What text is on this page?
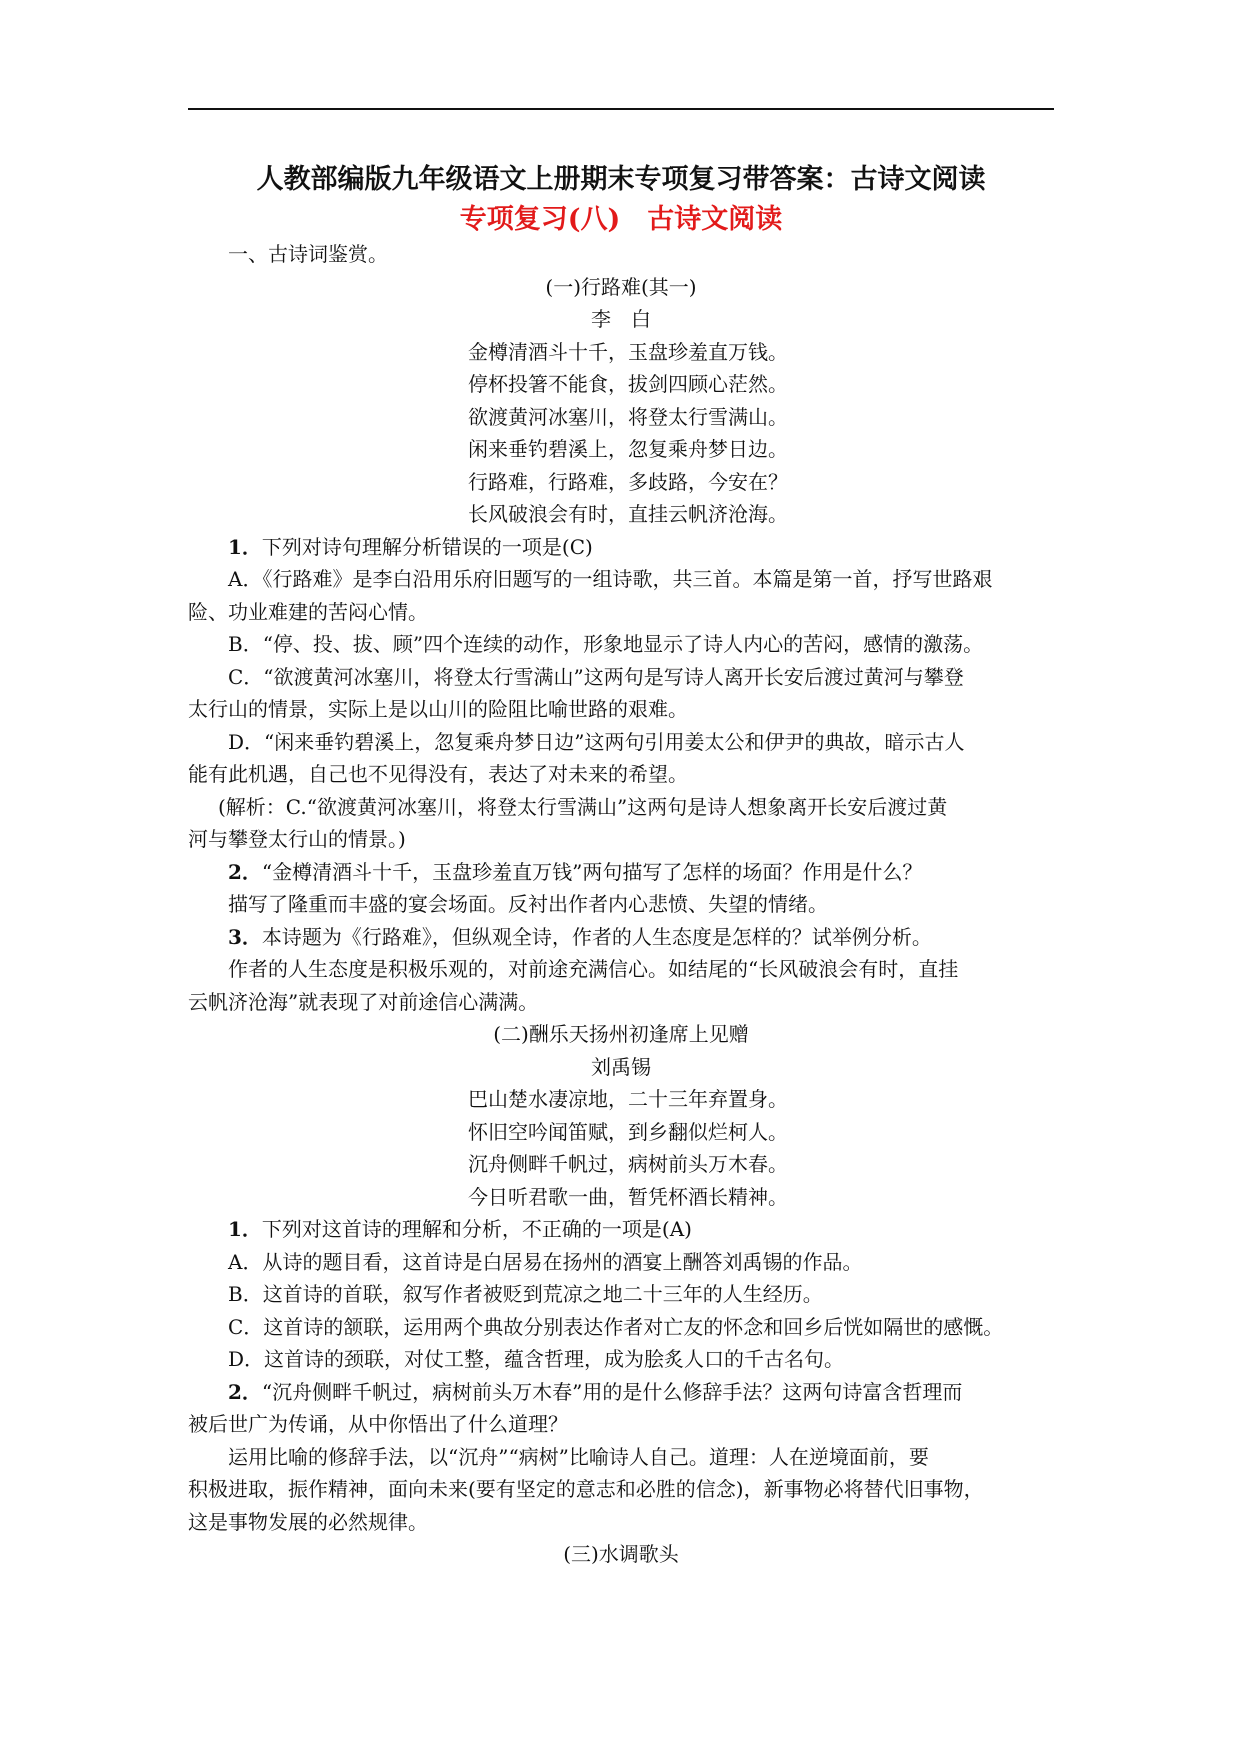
人教部编版九年级语文上册期末专项复习带答案：古诗文阅读
专项复习(八)　古诗文阅读

一、古诗词鉴赏。

(一)行路难(其一)

李　白

金樽清酒斗十千，玉盘珍羞直万钱。

停杯投箸不能食，拔剑四顾心茫然。

欲渡黄河冰塞川，将登太行雪满山。

闲来垂钓碧溪上，忽复乘舟梦日边。

行路难，行路难，多歧路，今安在？

长风破浪会有时，直挂云帆济沧海。

1．下列对诗句理解分析错误的一项是(C)

A．《行路难》是李白沿用乐府旧题写的一组诗歌，共三首。本篇是第一首，抒写世路艰

险、功业难建的苦闷心情。

B．“停、投、拔、顾”四个连续的动作，形象地显示了诗人内心的苦闷，感情的激荡。

C．“欲渡黄河冰塞川，将登太行雪满山”这两句是写诗人离开长安后渡过黄河与攀登

太行山的情景，实际上是以山川的险阻比喻世路的艰难。

D．“闲来垂钓碧溪上，忽复乘舟梦日边”这两句引用姜太公和伊尹的典故，暗示古人

能有此机遇，自己也不见得没有，表达了对未来的希望。

(解析：C.“欲渡黄河冰塞川，将登太行雪满山”这两句是诗人想象离开长安后渡过黄

河与攀登太行山的情景。)

2．“金樽清酒斗十千，玉盘珍羞直万钱”两句描写了怎样的场面？作用是什么？

描写了隆重而丰盛的宴会场面。反衬出作者内心悲愤、失望的情绪。

3．本诗题为《行路难》，但纵观全诗，作者的人生态度是怎样的？试举例分析。

作者的人生态度是积极乐观的，对前途充满信心。如结尾的“长风破浪会有时，直挂

云帆济沧海”就表现了对前途信心满满。

(二)酬乐天扬州初逢席上见赠

刘禹锡

巴山楚水凄凉地，二十三年弃置身。

怀旧空吟闻笛赋，到乡翻似烂柯人。

沉舟侧畔千帆过，病树前头万木春。

今日听君歌一曲，暂凭杯酒长精神。

1．下列对这首诗的理解和分析，不正确的一项是(A)

A．从诗的题目看，这首诗是白居易在扬州的酒宴上酬答刘禹锡的作品。

B．这首诗的首联，叙写作者被贬到荒凉之地二十三年的人生经历。

C．这首诗的颔联，运用两个典故分别表达作者对亡友的怀念和回乡后恍如隔世的感慨。

D．这首诗的颈联，对仗工整，蕴含哲理，成为脍炙人口的千古名句。

2．“沉舟侧畔千帆过，病树前头万木春”用的是什么修辞手法？这两句诗富含哲理而

被后世广为传诵，从中你悟出了什么道理？

运用比喻的修辞手法，以“沉舟”“病树”比喻诗人自己。道理：人在逆境面前，要

积极进取，振作精神，面向未来(要有坚定的意志和必胜的信念)，新事物必将替代旧事物，

这是事物发展的必然规律。

(三)水调歌头
